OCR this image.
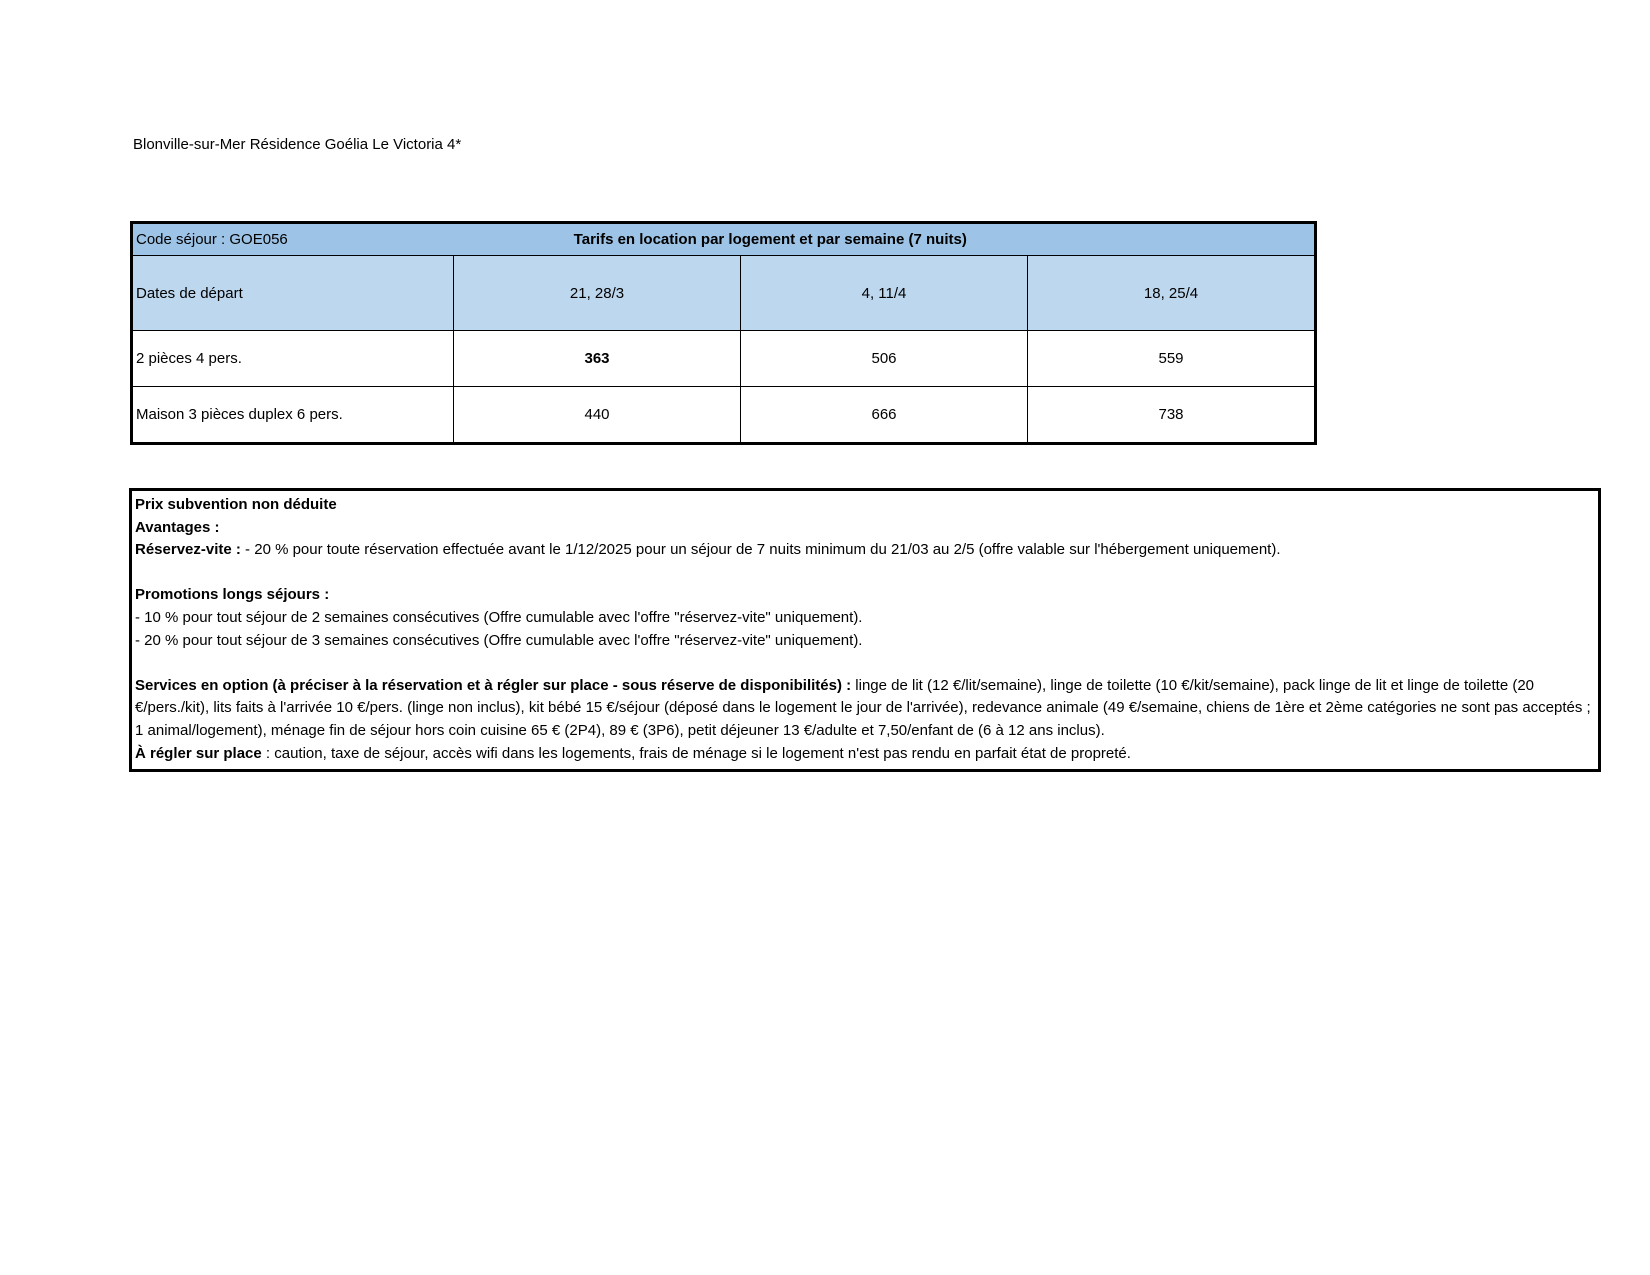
Blonville-sur-Mer Résidence Goélia Le Victoria 4*
Code séjour : GOE056	Tarifs en location par logement et par semaine (7 nuits)		
Dates de départ	21, 28/3	4, 11/4	18, 25/4
2 pièces 4 pers.	363	506	559
Maison 3 pièces duplex 6 pers.	440	666	738

Prix subvention non déduite

Avantages :

Réservez-vite : - 20 % pour toute réservation effectuée avant le 1/12/2025 pour un séjour de 7 nuits minimum du 21/03 au 2/5 (offre valable sur l'hébergement uniquement).

Promotions longs séjours :

- 10 % pour tout séjour de 2 semaines consécutives (Offre cumulable avec l'offre "réservez-vite" uniquement).

- 20 % pour tout séjour de 3 semaines consécutives (Offre cumulable avec l'offre "réservez-vite" uniquement).

Services en option (à préciser à la réservation et à régler sur place - sous réserve de disponibilités) : linge de lit (12 €/lit/semaine), linge de toilette (10 €/kit/semaine), pack linge de lit et linge de toilette (20 €/pers./kit), lits faits à l'arrivée 10 €/pers. (linge non inclus), kit bébé 15 €/séjour (déposé dans le logement le jour de l'arrivée), redevance animale (49 €/semaine, chiens de 1ère et 2ème catégories ne sont pas acceptés ; 1 animal/logement), ménage fin de séjour hors coin cuisine 65 € (2P4), 89 € (3P6), petit déjeuner 13 €/adulte et 7,50/enfant de (6 à 12 ans inclus).

À régler sur place : caution, taxe de séjour, accès wifi dans les logements, frais de ménage si le logement n'est pas rendu en parfait état de propreté.
